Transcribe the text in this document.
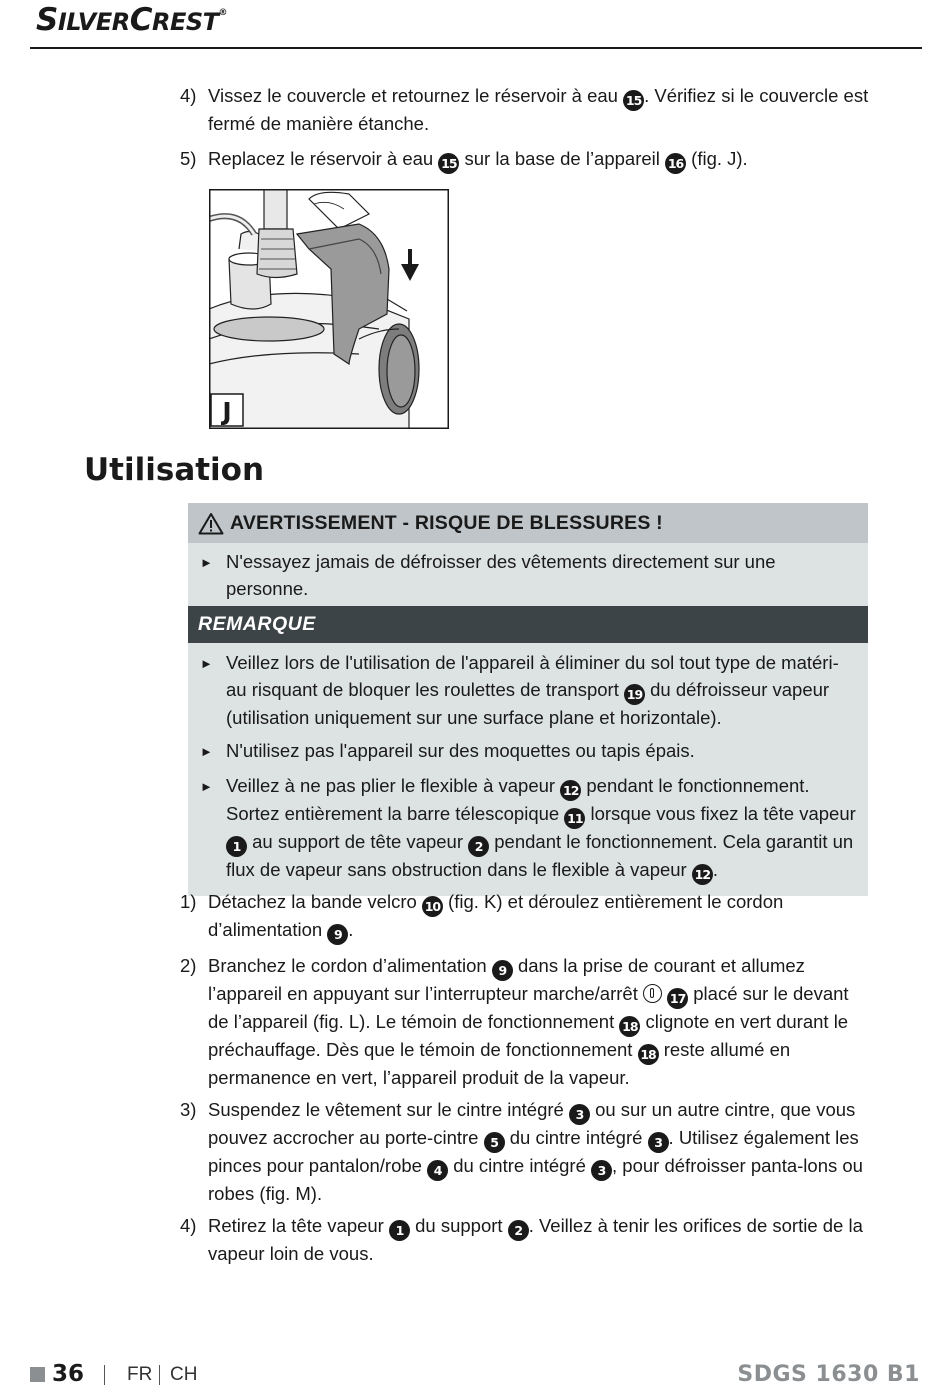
SILVERCREST®
4) Vissez le couvercle et retournez le réservoir à eau 15 . Vérifiez si le couvercle est fermé de manière étanche.
5) Replacez le réservoir à eau 15 sur la base de l’appareil 16 (fig. J).
J
Utilisation
AVERTISSEMENT - RISQUE DE BLESSURES !
► N'essayez jamais de défroisser des vêtements directement sur une personne.
REMARQUE
► Veillez lors de l'utilisation de l'appareil à éliminer du sol tout type de matéri-au risquant de bloquer les roulettes de transport 19 du défroisseur vapeur (utilisation uniquement sur une surface plane et horizontale).
► N'utilisez pas l'appareil sur des moquettes ou tapis épais.
► Veillez à ne pas plier le flexible à vapeur 12 pendant le fonctionnement. Sortez entièrement la barre télescopique 11 lorsque vous fixez la tête vapeur 1 au support de tête vapeur 2 pendant le fonctionnement. Cela garantit un flux de vapeur sans obstruction dans le flexible à vapeur 12 .
1) Détachez la bande velcro 10 (fig. K) et déroulez entièrement le cordon d’alimentation 9 .
2) Branchez le cordon d’alimentation 9 dans la prise de courant et allumez l’appareil en appuyant sur l’interrupteur marche/arrêt  17 placé sur le devant de l’appareil (fig. L). Le témoin de fonctionnement 18 clignote en vert durant le préchauffage. Dès que le témoin de fonctionnement 18 reste allumé en permanence en vert, l’appareil produit de la vapeur.
3) Suspendez le vêtement sur le cintre intégré 3 ou sur un autre cintre, que vous pouvez accrocher au porte-cintre 5 du cintre intégré 3 . Utilisez également les pinces pour pantalon/robe 4 du cintre intégré 3 , pour défroisser panta-lons ou robes (fig. M).
4) Retirez la tête vapeur 1 du support 2 . Veillez à tenir les orifices de sortie de la vapeur loin de vous.
36 FR CH	SDGS 1630 B1
